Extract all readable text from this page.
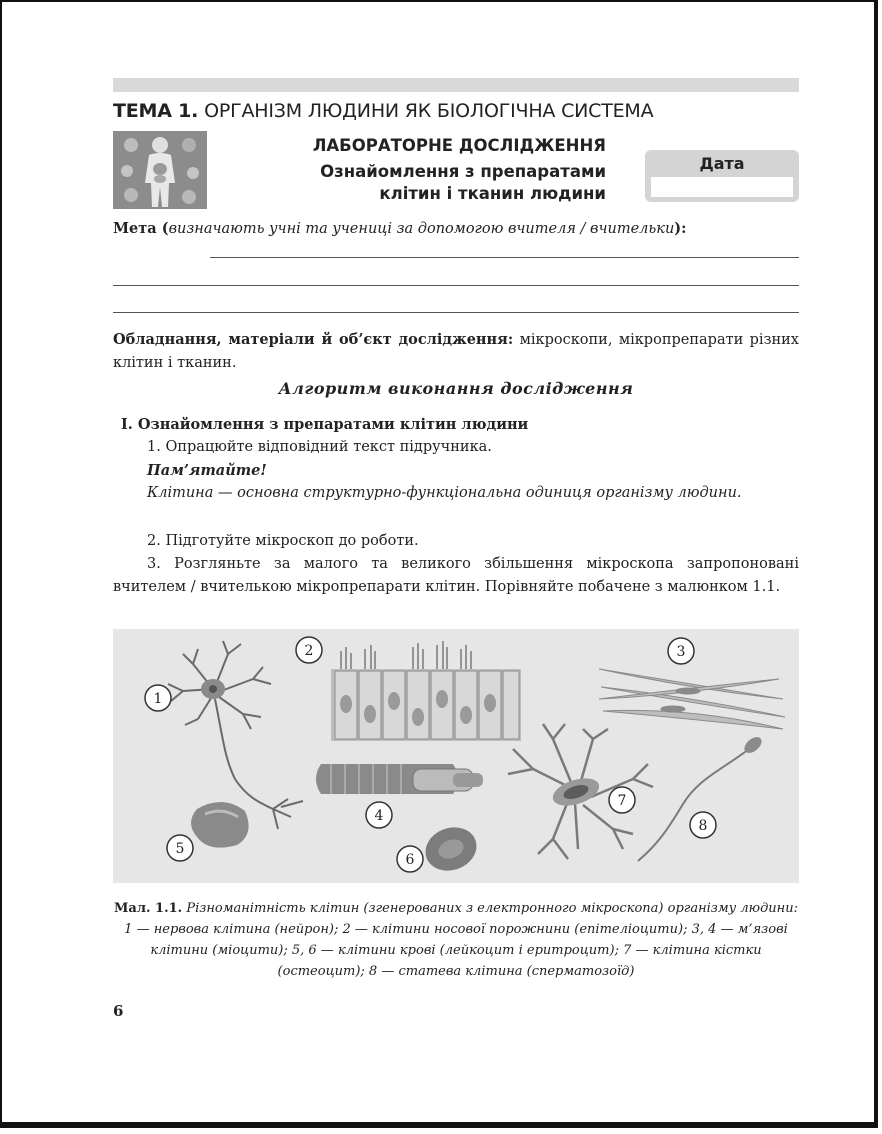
ТЕМА 1. ОРГАНІЗМ ЛЮДИНИ ЯК БІОЛОГІЧНА СИСТЕМА
ЛАБОРАТОРНЕ ДОСЛІДЖЕННЯ
Ознайомлення з препаратами
клітин і тканин людини
Дата
Мета (визначають учні та учениці за допомогою вчителя / вчительки):
Обладнання, матеріали й об’єкт дослідження: мікроскопи, мікропрепарати різних клітин і тканин.
Алгоритм виконання дослідження
I. Ознайомлення з препаратами клітин людини
1. Опрацюйте відповідний текст підручника.
Пам’ятайте!
Клітина — основна структурно-функціональна одиниця організму людини.
2. Підготуйте мікроскоп до роботи.
3. Розгляньте за малого та великого збільшення мікроскопа запропоновані вчителем / вчителькою мікропрепарати клітин. Порівняйте побачене з малюнком 1.1.
1
2	3
4
5
6
7
8
Мал. 1.1. Різноманітність клітин (згенерованих з електронного мікроскопа) організму людини: 1 — нервова клітина (нейрон); 2 — клітини носової порожнини (епітеліоцити); 3, 4 — м’язові клітини (міоцити); 5, 6 — клітини крові (лейкоцит і еритроцит); 7 — клітина кістки (остеоцит); 8 — статева клітина (сперматозоїд)
6
